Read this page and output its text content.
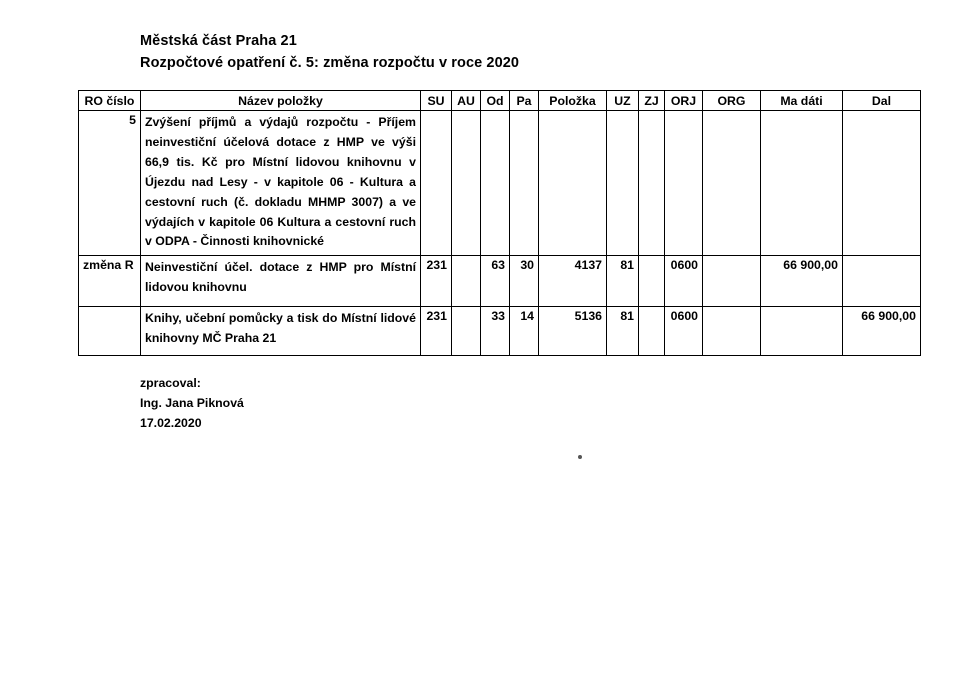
Městská část Praha 21
Rozpočtové opatření č. 5: změna rozpočtu v roce 2020
RO číslo	Název položky	SU	AU	Od	Pa	Položka	UZ	ZJ	ORJ	ORG	Ma dáti	Dal
5	Zvýšení příjmů a výdajů rozpočtu - Příjem neinvestiční účelová dotace z HMP ve výši 66,9 tis. Kč pro Místní lidovou knihovnu v Újezdu nad Lesy - v kapitole 06 - Kultura a cestovní ruch (č. dokladu MHMP 3007) a ve výdajích v kapitole 06 Kultura a cestovní ruch v ODPA - Činnosti knihovnické											
změna R	Neinvestiční účel. dotace z HMP pro Místní lidovou knihovnu	231		63	30	4137	81		0600		66 900,00	
	Knihy, učební pomůcky a tisk do Místní lidové knihovny MČ Praha 21	231		33	14	5136	81		0600			66 900,00
zpracoval:
Ing. Jana Piknová
17.02.2020
